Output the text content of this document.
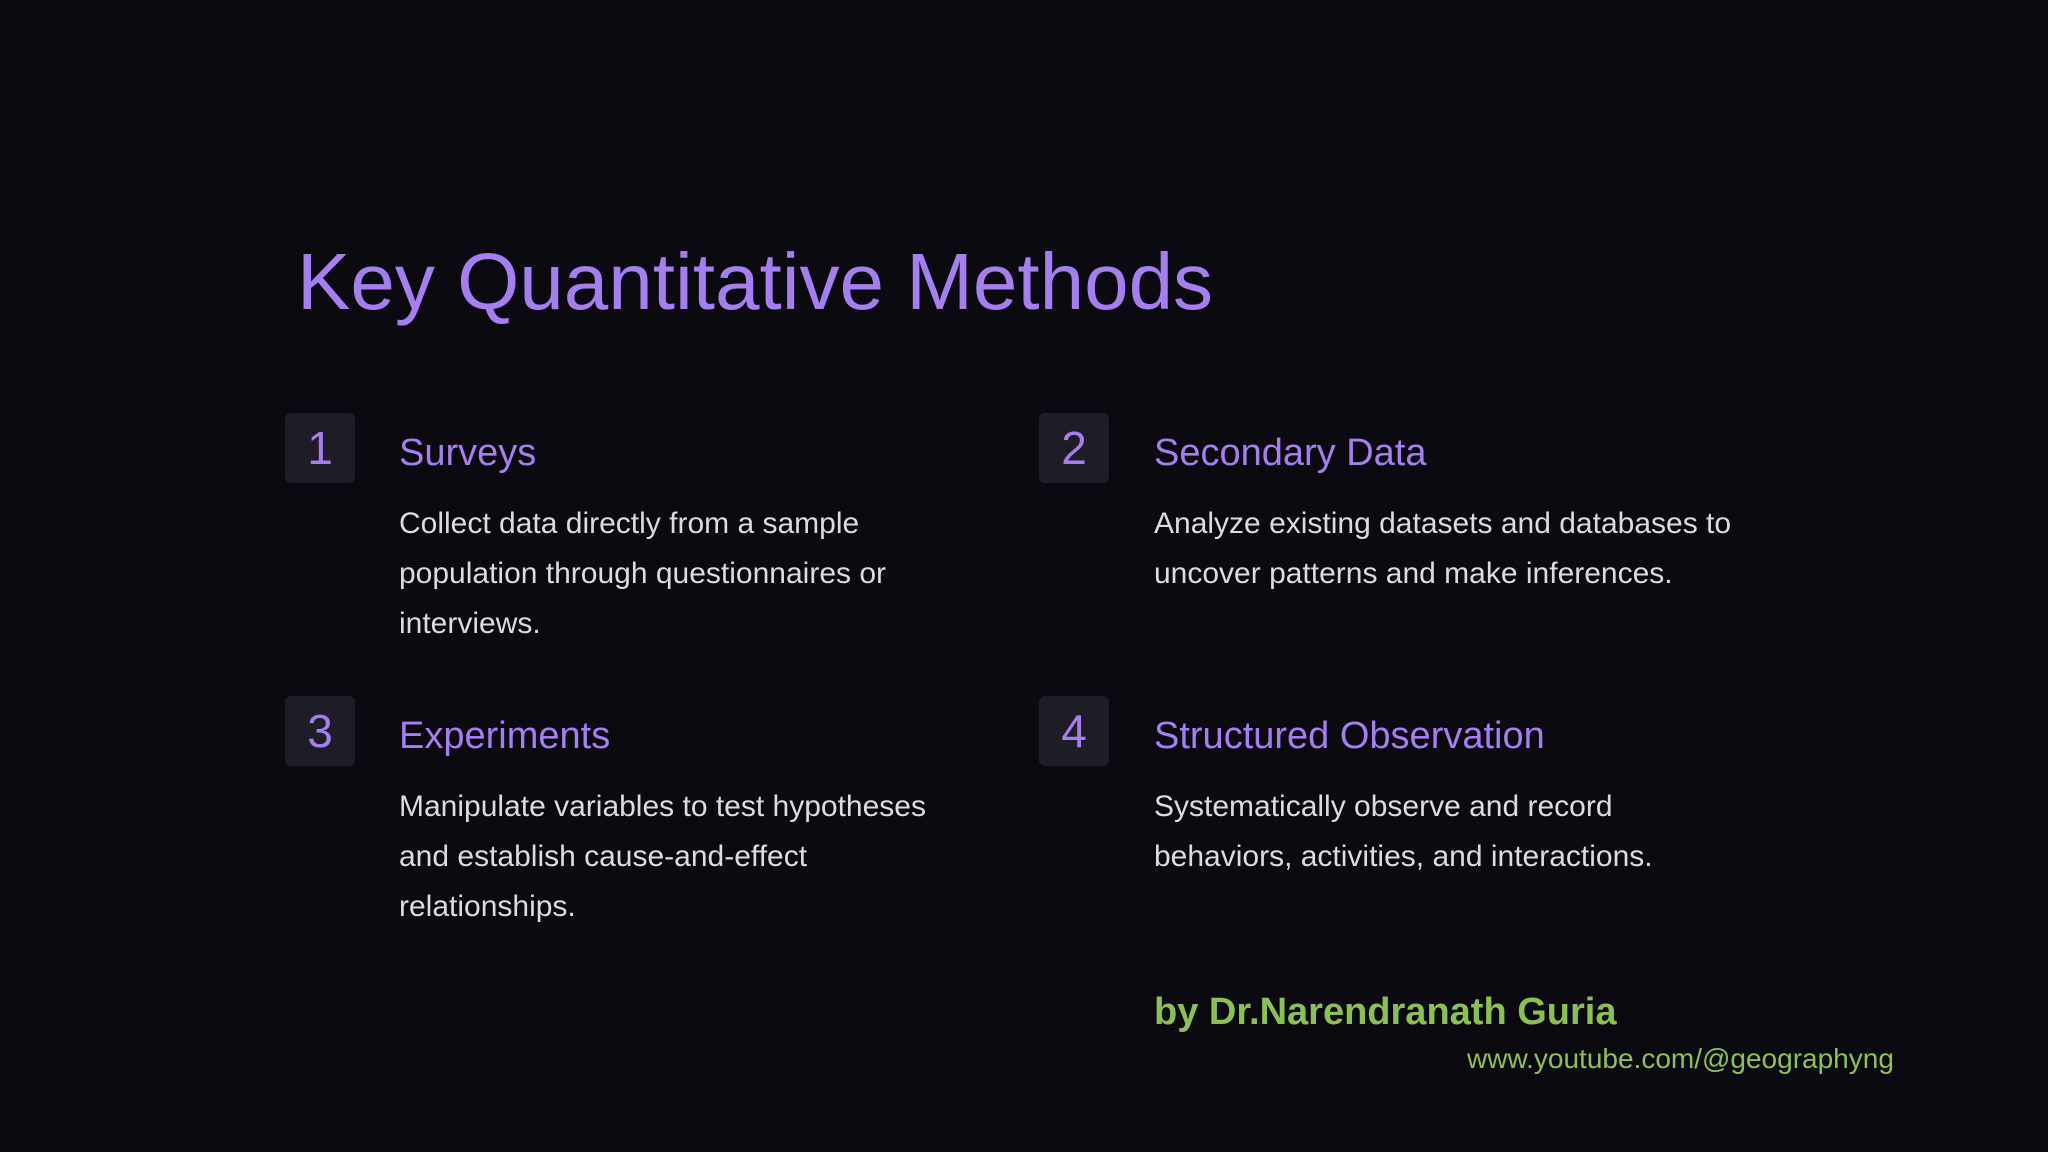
Key Quantitative Methods
1	Surveys

Collect data directly from a sample population through questionnaires or interviews.

2	Secondary Data

Analyze existing datasets and databases to uncover patterns and make inferences.

3	Experiments

Manipulate variables to test hypotheses and establish cause-and-effect relationships.

4	Structured Observation

Systematically observe and record behaviors, activities, and interactions.

by Dr.Narendranath Guria
www.youtube.com/@geographyng
